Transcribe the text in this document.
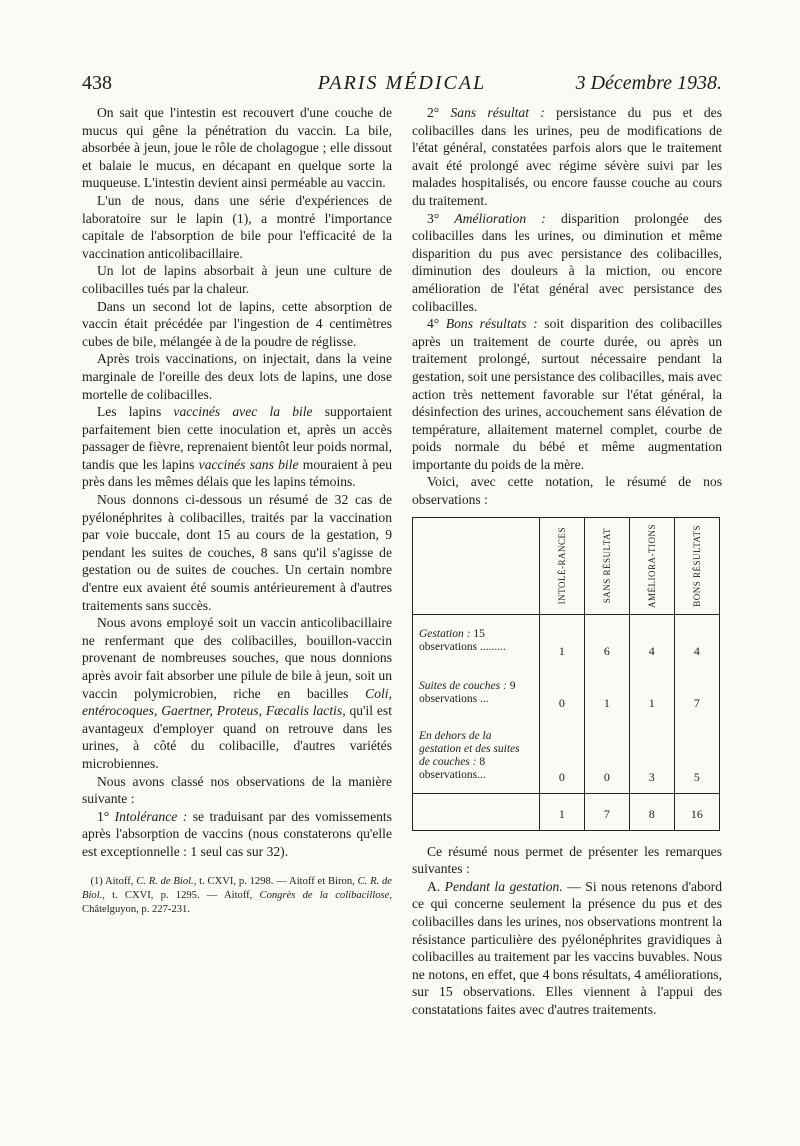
438	PARIS MÉDICAL	3 Décembre 1938.

On sait que l'intestin est recouvert d'une couche de mucus qui gêne la pénétration du vaccin. La bile, absorbée à jeun, joue le rôle de cholagogue ; elle dissout et balaie le mucus, en décapant en quelque sorte la muqueuse. L'intestin devient ainsi perméable au vaccin.

L'un de nous, dans une série d'expériences de laboratoire sur le lapin (1), a montré l'importance capitale de l'absorption de bile pour l'efficacité de la vaccination anticolibacillaire.

Un lot de lapins absorbait à jeun une culture de colibacilles tués par la chaleur.

Dans un second lot de lapins, cette absorption de vaccin était précédée par l'ingestion de 4 centimètres cubes de bile, mélangée à de la poudre de réglisse.

Après trois vaccinations, on injectait, dans la veine marginale de l'oreille des deux lots de lapins, une dose mortelle de colibacilles.

Les lapins vaccinés avec la bile supportaient parfaitement bien cette inoculation et, après un accès passager de fièvre, reprenaient bientôt leur poids normal, tandis que les lapins vaccinés sans bile mouraient à peu près dans les mêmes délais que les lapins témoins.

Nous donnons ci-dessous un résumé de 32 cas de pyélonéphrites à colibacilles, traités par la vaccination par voie buccale, dont 15 au cours de la gestation, 9 pendant les suites de couches, 8 sans qu'il s'agisse de gestation ou de suites de couches. Un certain nombre d'entre eux avaient été soumis antérieurement à d'autres traitements sans succès.

Nous avons employé soit un vaccin anticolibacillaire ne renfermant que des colibacilles, bouillon-vaccin provenant de nombreuses souches, que nous donnions après avoir fait absorber une pilule de bile à jeun, soit un vaccin polymicrobien, riche en bacilles Coli, entérocoques, Gaertner, Proteus, Fæcalis lactis, qu'il est avantageux d'employer quand on retrouve dans les urines, à côté du colibacille, d'autres variétés microbiennes.

Nous avons classé nos observations de la manière suivante :

1° Intolérance : se traduisant par des vomissements après l'absorption de vaccins (nous constaterons qu'elle est exceptionnelle : 1 seul cas sur 32).

(1) Aitoff, C. R. de Biol., t. CXVI, p. 1298. — Aitoff et Biron, C. R. de Biol., t. CXVI, p. 1295. — Aitoff, Congrès de la colibacillose, Châtelguyon, p. 227-231.

2° Sans résultat : persistance du pus et des colibacilles dans les urines, peu de modifications de l'état général, constatées parfois alors que le traitement avait été prolongé avec régime sévère suivi par les malades hospitalisés, ou encore fausse couche au cours du traitement.

3° Amélioration : disparition prolongée des colibacilles dans les urines, ou diminution et même disparition du pus avec persistance des colibacilles, diminution des douleurs à la miction, ou encore amélioration de l'état général avec persistance des colibacilles.

4° Bons résultats : soit disparition des colibacilles après un traitement de courte durée, ou après un traitement prolongé, surtout nécessaire pendant la gestation, soit une persistance des colibacilles, mais avec action très nettement favorable sur l'état général, la désinfection des urines, accouchement sans élévation de température, allaitement maternel complet, courbe de poids normale du bébé et même augmentation importante du poids de la mère.

Voici, avec cette notation, le résumé de nos observations :

	INTOLÉ-RANCES	SANS RÉSULTAT	AMÉLIORA-TIONS	BONS RÉSULTATS

Gestation : 15 observations .........	1	6	4	4
Suites de couches : 9 observations ...	0	1	1	7
En dehors de la gestation et des suites de couches : 8 observations...	0	0	3	5
	1	7	8	16

Ce résumé nous permet de présenter les remarques suivantes :

A. Pendant la gestation. — Si nous retenons d'abord ce qui concerne seulement la présence du pus et des colibacilles dans les urines, nos observations montrent la résistance particulière des pyélonéphrites gravidiques à colibacilles au traitement par les vaccins buvables. Nous ne notons, en effet, que 4 bons résultats, 4 améliorations, sur 15 observations. Elles viennent à l'appui des constatations faites avec d'autres traitements.
